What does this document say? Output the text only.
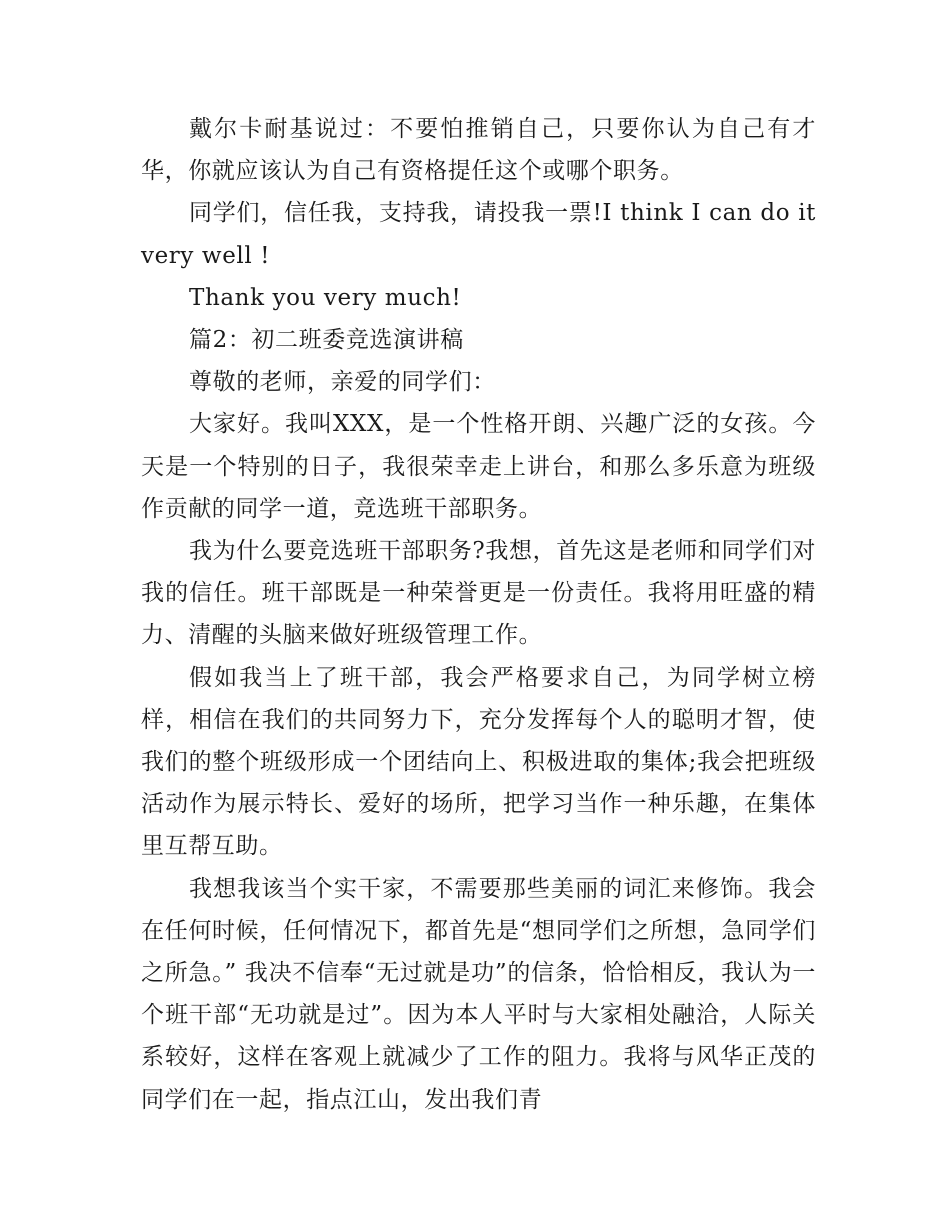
戴尔卡耐基说过：不要怕推销自己，只要你认为自己有才华，你就应该认为自己有资格提任这个或哪个职务。

同学们，信任我，支持我，请投我一票!I think I can do it very well !

Thank you very much!

篇2：初二班委竞选演讲稿

尊敬的老师，亲爱的同学们：

大家好。我叫XXX，是一个性格开朗、兴趣广泛的女孩。今天是一个特别的日子，我很荣幸走上讲台，和那么多乐意为班级作贡献的同学一道，竞选班干部职务。

我为什么要竞选班干部职务?我想，首先这是老师和同学们对我的信任。班干部既是一种荣誉更是一份责任。我将用旺盛的精力、清醒的头脑来做好班级管理工作。

假如我当上了班干部，我会严格要求自己，为同学树立榜样，相信在我们的共同努力下，充分发挥每个人的聪明才智，使我们的整个班级形成一个团结向上、积极进取的集体;我会把班级活动作为展示特长、爱好的场所，把学习当作一种乐趣，在集体里互帮互助。

我想我该当个实干家，不需要那些美丽的词汇来修饰。我会在任何时候，任何情况下，都首先是“想同学们之所想，急同学们之所急。” 我决不信奉“无过就是功”的信条，恰恰相反，我认为一个班干部“无功就是过”。因为本人平时与大家相处融洽，人际关系较好，这样在客观上就减少了工作的阻力。我将与风华正茂的同学们在一起，指点江山，发出我们青
